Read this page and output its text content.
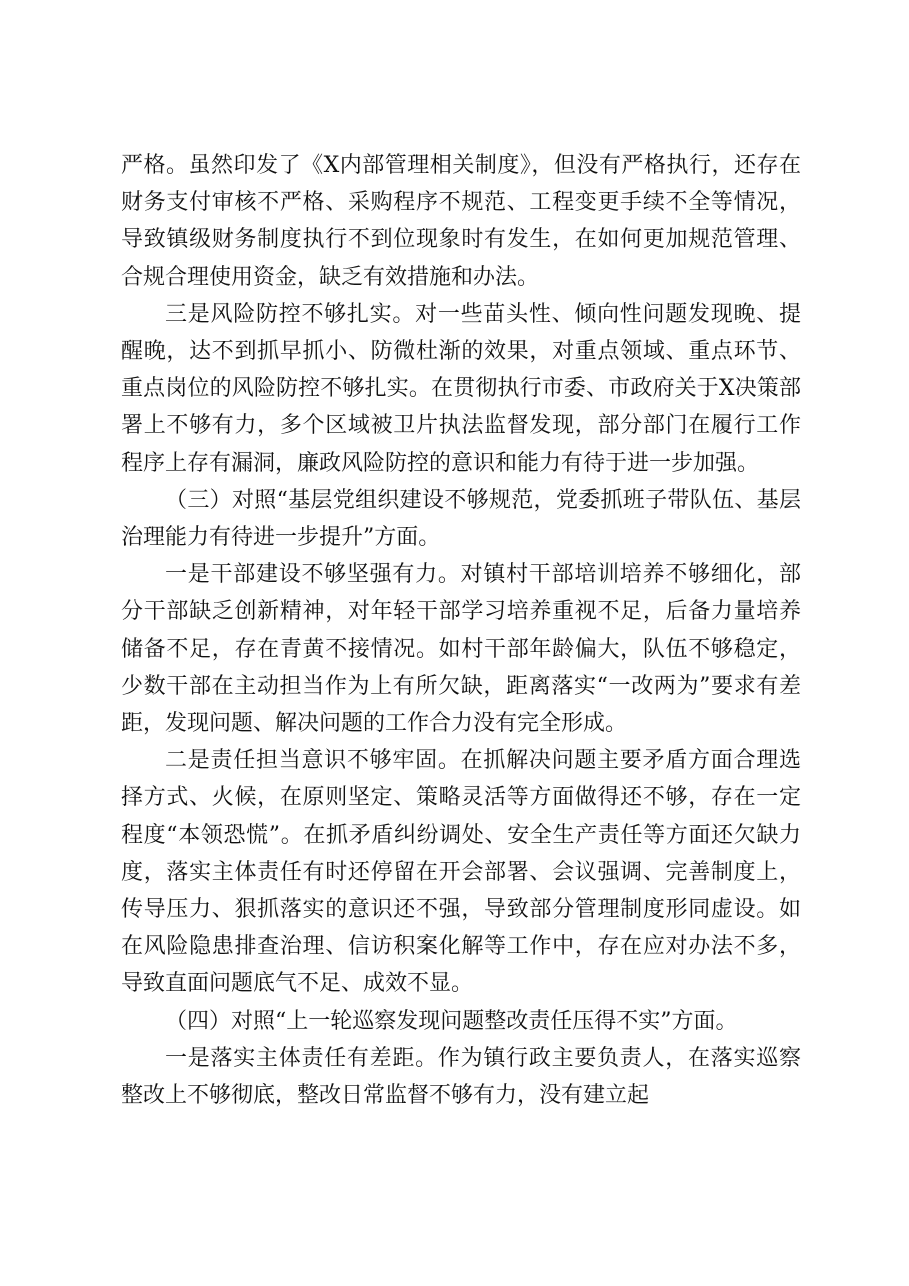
严格。虽然印发了《X内部管理相关制度》，但没有严格执行，还存在财务支付审核不严格、采购程序不规范、工程变更手续不全等情况，导致镇级财务制度执行不到位现象时有发生，在如何更加规范管理、合规合理使用资金，缺乏有效措施和办法。

三是风险防控不够扎实。对一些苗头性、倾向性问题发现晚、提醒晚，达不到抓早抓小、防微杜渐的效果，对重点领域、重点环节、重点岗位的风险防控不够扎实。在贯彻执行市委、市政府关于X决策部署上不够有力，多个区域被卫片执法监督发现，部分部门在履行工作程序上存有漏洞，廉政风险防控的意识和能力有待于进一步加强。

（三）对照“基层党组织建设不够规范，党委抓班子带队伍、基层治理能力有待进一步提升”方面。

一是干部建设不够坚强有力。对镇村干部培训培养不够细化，部分干部缺乏创新精神，对年轻干部学习培养重视不足，后备力量培养储备不足，存在青黄不接情况。如村干部年龄偏大，队伍不够稳定，少数干部在主动担当作为上有所欠缺，距离落实“一改两为”要求有差距，发现问题、解决问题的工作合力没有完全形成。

二是责任担当意识不够牢固。在抓解决问题主要矛盾方面合理选择方式、火候，在原则坚定、策略灵活等方面做得还不够，存在一定程度“本领恐慌”。在抓矛盾纠纷调处、安全生产责任等方面还欠缺力度，落实主体责任有时还停留在开会部署、会议强调、完善制度上，传导压力、狠抓落实的意识还不强，导致部分管理制度形同虚设。如在风险隐患排查治理、信访积案化解等工作中，存在应对办法不多，导致直面问题底气不足、成效不显。

（四）对照“上一轮巡察发现问题整改责任压得不实”方面。

一是落实主体责任有差距。作为镇行政主要负责人，在落实巡察整改上不够彻底，整改日常监督不够有力，没有建立起
